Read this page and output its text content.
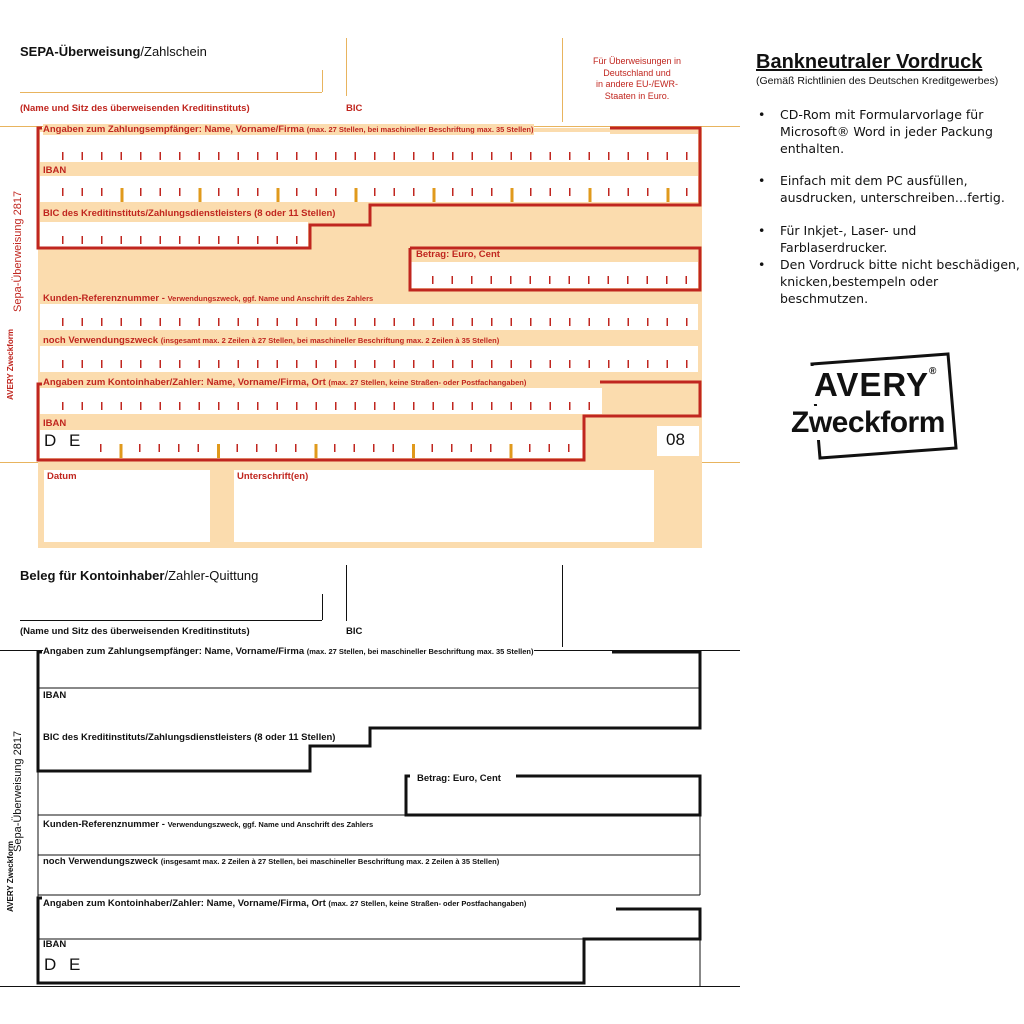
SEPA-Überweisung/Zahlschein
(Name und Sitz des überweisenden Kreditinstituts)	BIC
Für Überweisungen in
Deutschland und
in andere EU-/EWR-
Staaten in Euro.
Sepa-Überweisung 2817
AVERY Zweckform
Angaben zum Zahlungsempfänger: Name, Vorname/Firma (max. 27 Stellen, bei maschineller Beschriftung max. 35 Stellen)
IBAN
BIC des Kreditinstituts/Zahlungsdienstleisters (8 oder 11 Stellen)
Betrag: Euro, Cent
Kunden-Referenznummer - Verwendungszweck, ggf. Name und Anschrift des Zahlers
noch Verwendungszweck (insgesamt max. 2 Zeilen à 27 Stellen, bei maschineller Beschriftung max. 2 Zeilen à 35 Stellen)
Angaben zum Kontoinhaber/Zahler: Name, Vorname/Firma, Ort (max. 27 Stellen, keine Straßen- oder Postfachangaben)
IBAN
D E	08
Datum	Unterschrift(en)
Beleg für Kontoinhaber/Zahler-Quittung
(Name und Sitz des überweisenden Kreditinstituts)	BIC
Sepa-Überweisung 2817
AVERY Zweckform
Angaben zum Zahlungsempfänger: Name, Vorname/Firma (max. 27 Stellen, bei maschineller Beschriftung max. 35 Stellen)
IBAN
BIC des Kreditinstituts/Zahlungsdienstleisters (8 oder 11 Stellen)
Betrag: Euro, Cent
Kunden-Referenznummer - Verwendungszweck, ggf. Name und Anschrift des Zahlers
noch Verwendungszweck (insgesamt max. 2 Zeilen à 27 Stellen, bei maschineller Beschriftung max. 2 Zeilen à 35 Stellen)
Angaben zum Kontoinhaber/Zahler: Name, Vorname/Firma, Ort (max. 27 Stellen, keine Straßen- oder Postfachangaben)
IBAN
D E
Bankneutraler Vordruck
(Gemäß Richtlinien des Deutschen Kreditgewerbes)
• CD-Rom mit Formularvorlage für Microsoft® Word in jeder Packung enthalten.
• Einfach mit dem PC ausfüllen, ausdrucken, unterschreiben…fertig.
• Für Inkjet-, Laser- und Farblaserdrucker.
• Den Vordruck bitte nicht beschädigen, knicken,bestempeln oder beschmutzen.
AVERY®
Zweckform
